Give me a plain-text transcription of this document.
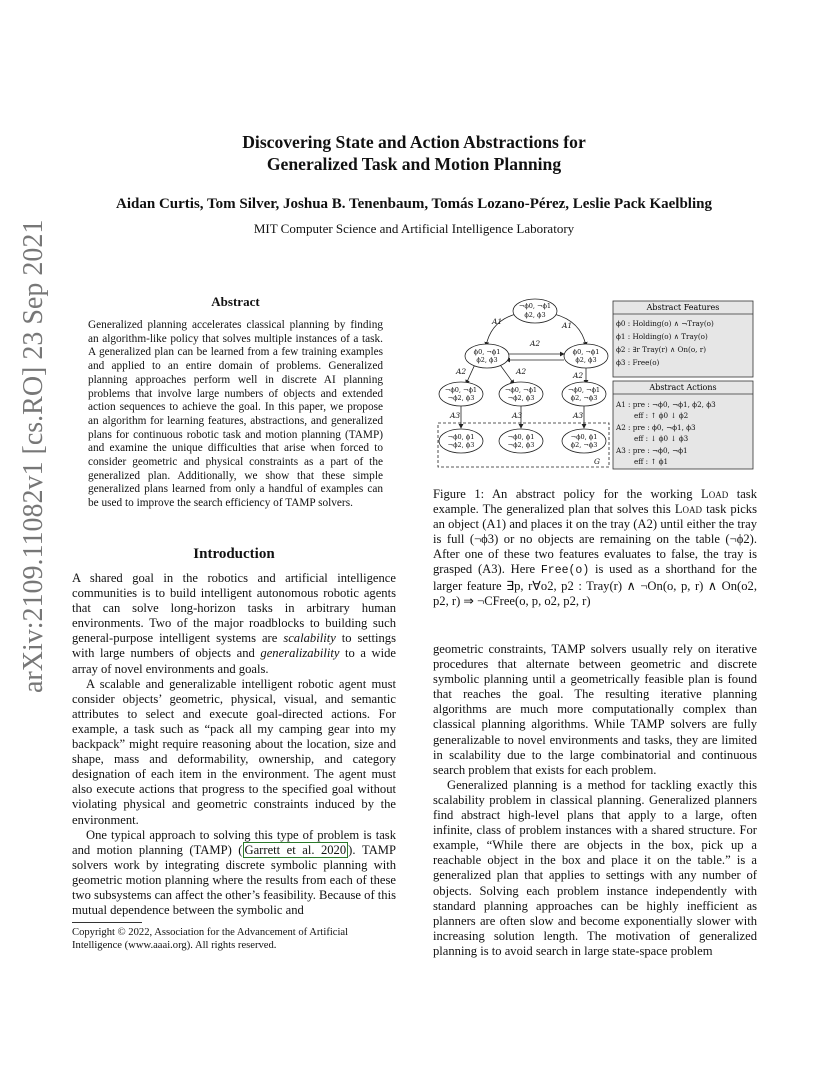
arXiv:2109.11082v1 [cs.RO] 23 Sep 2021
Discovering State and Action Abstractions for
Generalized Task and Motion Planning
Aidan Curtis, Tom Silver, Joshua B. Tenenbaum, Tomás Lozano-Pérez, Leslie Pack Kaelbling
MIT Computer Science and Artificial Intelligence Laboratory
Abstract
Generalized planning accelerates classical planning by finding an algorithm-like policy that solves multiple instances of a task. A generalized plan can be learned from a few training examples and applied to an entire domain of problems. Generalized planning approaches perform well in discrete AI planning problems that involve large numbers of objects and extended action sequences to achieve the goal. In this paper, we propose an algorithm for learning features, abstractions, and generalized plans for continuous robotic task and motion planning (TAMP) and examine the unique difficulties that arise when forced to consider geometric and physical constraints as a part of the generalized plan. Additionally, we show that these simple generalized plans learned from only a handful of examples can be used to improve the search efficiency of TAMP solvers.
Introduction

A shared goal in the robotics and artificial intelligence communities is to build intelligent autonomous robotic agents that can solve long-horizon tasks in arbitrary human environments. Two of the major roadblocks to building such general-purpose intelligent systems are scalability to settings with large numbers of objects and generalizability to a wide array of novel environments and goals.

A scalable and generalizable intelligent robotic agent must consider objects’ geometric, physical, visual, and semantic attributes to select and execute goal-directed actions. For example, a task such as “pack all my camping gear into my backpack” might require reasoning about the location, size and shape, mass and deformability, ownership, and category designation of each item in the environment. The agent must also execute actions that progress to the specified goal without violating physical and geometric constraints induced by the environment.

One typical approach to solving this type of problem is task and motion planning (TAMP) ( Garrett et al. 2020 ). TAMP solvers work by integrating discrete symbolic planning with geometric motion planning where the results from each of these two subsystems can affect the other’s feasibility. Because of this mutual dependence between the symbolic and

Copyright © 2022, Association for the Advancement of Artificial Intelligence (www.aaai.org). All rights reserved.
¬ϕ0, ¬ϕ1
ϕ2, ϕ3
ϕ0, ¬ϕ1
ϕ2, ϕ3
ϕ0, ¬ϕ1
ϕ2, ϕ3
¬ϕ0, ¬ϕ1
¬ϕ2, ϕ3
¬ϕ0, ¬ϕ1
¬ϕ2, ϕ3
¬ϕ0, ¬ϕ1
ϕ2, ¬ϕ3
¬ϕ0, ϕ1
¬ϕ2, ϕ3
¬ϕ0, ϕ1
¬ϕ2, ϕ3
¬ϕ0, ϕ1
ϕ2, ¬ϕ3
A1	A1
A2
A2	A2	A2
A3	A3	A3
G
Abstract Features
ϕ0 : Holding(o) ∧ ¬Tray(o)
ϕ1 : Holding(o) ∧ Tray(o)
ϕ2 : ∃r Tray(r) ∧ On(o, r)
ϕ3 : Free(o)
Abstract Actions
A1 : pre : ¬ϕ0, ¬ϕ1, ϕ2, ϕ3
eff : ↑ ϕ0 ↓ ϕ2
A2 : pre : ϕ0, ¬ϕ1, ϕ3
eff : ↓ ϕ0 ↓ ϕ3
A3 : pre : ¬ϕ0, ¬ϕ1
eff : ↑ ϕ1
Figure 1: An abstract policy for the working Load task example. The generalized plan that solves this Load task picks an object (A1) and places it on the tray (A2) until either the tray is full (¬ϕ3) or no objects are remaining on the table (¬ϕ2). After one of these two features evaluates to false, the tray is grasped (A3). Here Free(o) is used as a shorthand for the larger feature ∃p, r∀o2, p2 : Tray(r) ∧ ¬On(o, p, r) ∧ On(o2, p2, r) ⇒ ¬CFree(o, p, o2, p2, r)

geometric constraints, TAMP solvers usually rely on iterative procedures that alternate between geometric and discrete symbolic planning until a geometrically feasible plan is found that reaches the goal. The resulting iterative planning algorithms are much more computationally complex than classical planning algorithms. While TAMP solvers are fully generalizable to novel environments and tasks, they are limited in scalability due to the large combinatorial and continuous search problem that exists for each problem.

Generalized planning is a method for tackling exactly this scalability problem in classical planning. Generalized planners find abstract high-level plans that apply to a large, often infinite, class of problem instances with a shared structure. For example, “While there are objects in the box, pick up a reachable object in the box and place it on the table.” is a generalized plan that applies to settings with any number of objects. Solving each problem instance independently with standard planning approaches can be highly inefficient as planners are often slow and become exponentially slower with increasing solution length. The motivation of generalized planning is to avoid search in large state-space problem
